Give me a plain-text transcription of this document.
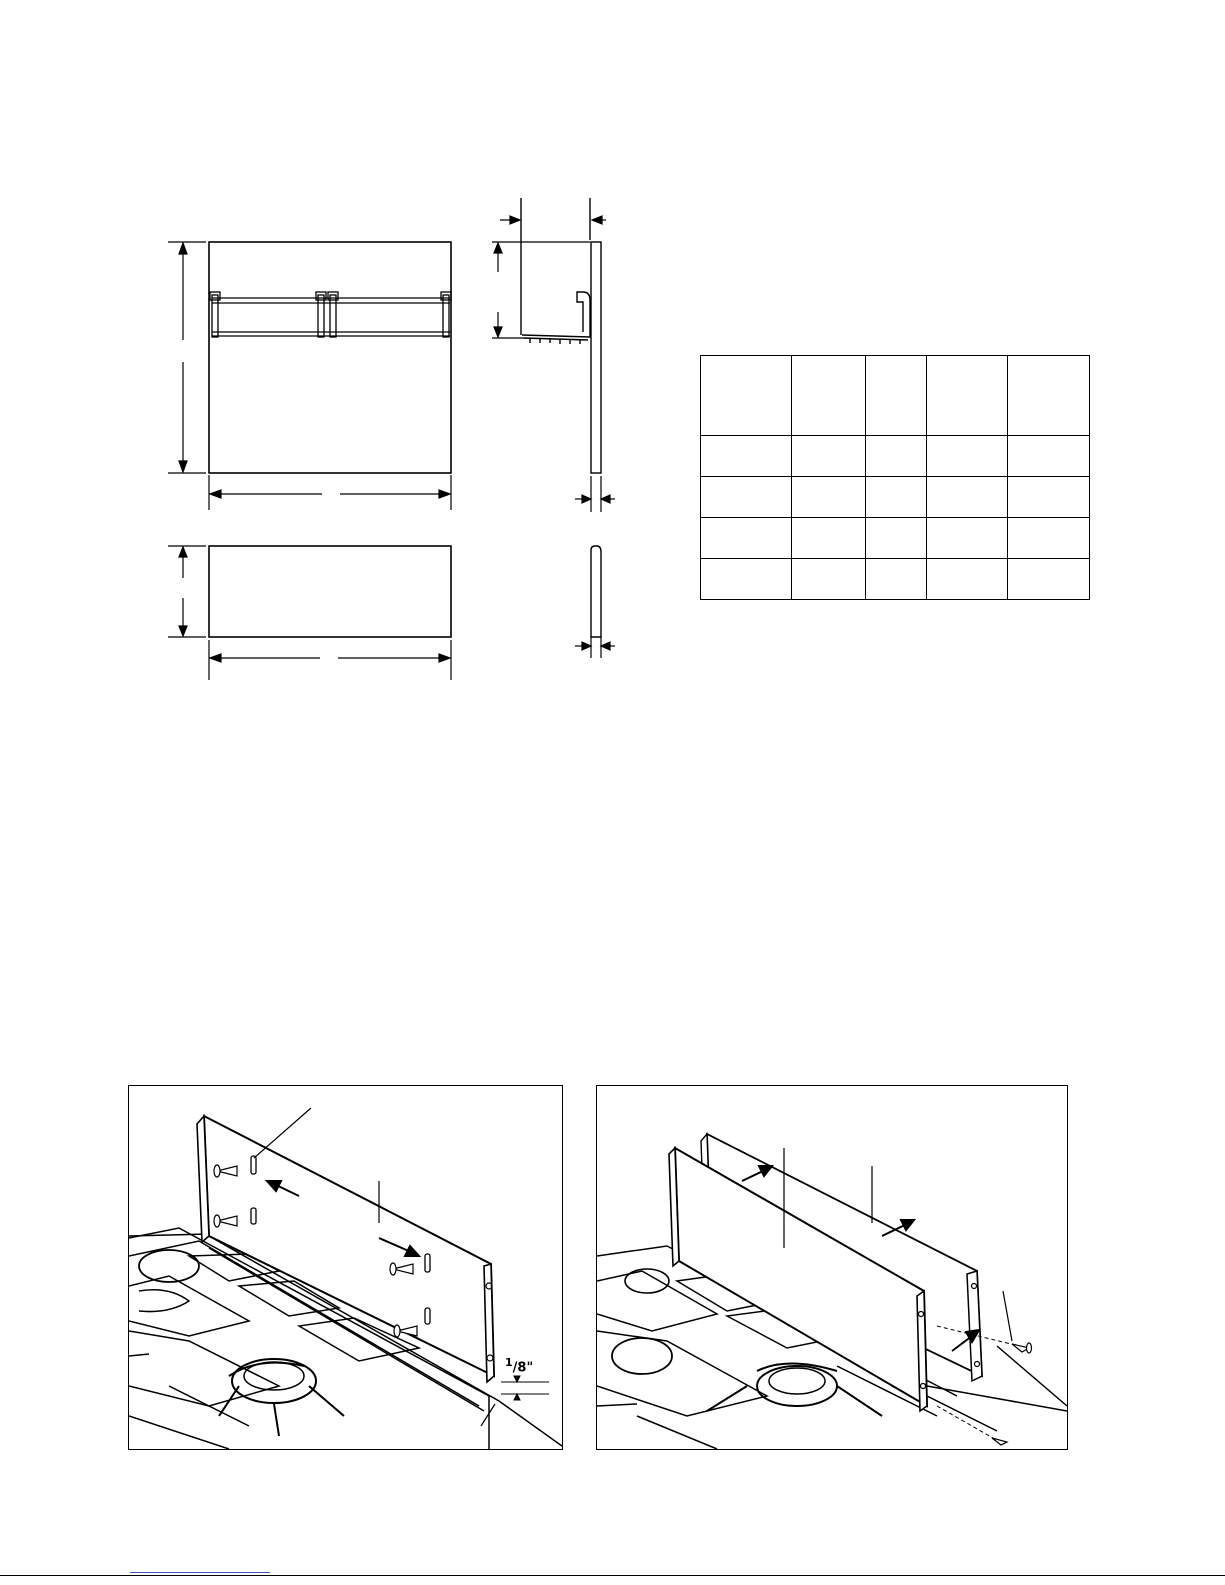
$^1$/8"
